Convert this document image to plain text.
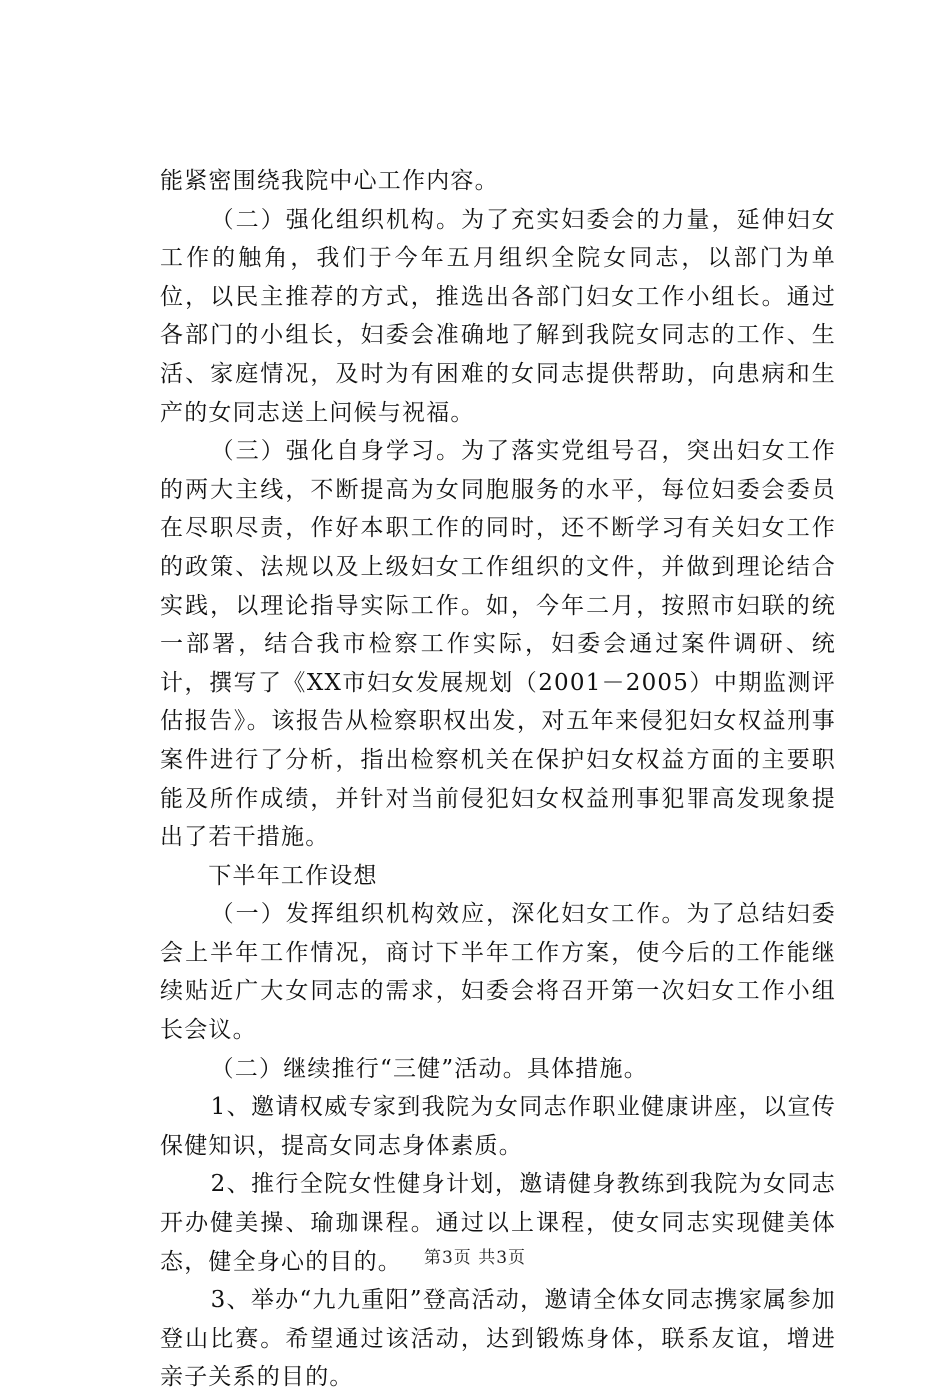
能紧密围绕我院中心工作内容。

（二）强化组织机构。为了充实妇委会的力量，延伸妇女工作的触角，我们于今年五月组织全院女同志，以部门为单位，以民主推荐的方式，推选出各部门妇女工作小组长。通过各部门的小组长，妇委会准确地了解到我院女同志的工作、生活、家庭情况，及时为有困难的女同志提供帮助，向患病和生产的女同志送上问候与祝福。

（三）强化自身学习。为了落实党组号召，突出妇女工作的两大主线，不断提高为女同胞服务的水平，每位妇委会委员在尽职尽责，作好本职工作的同时，还不断学习有关妇女工作的政策、法规以及上级妇女工作组织的文件，并做到理论结合实践，以理论指导实际工作。如，今年二月，按照市妇联的统一部署，结合我市检察工作实际，妇委会通过案件调研、统计，撰写了《XX市妇女发展规划（2001－2005）中期监测评估报告》。该报告从检察职权出发，对五年来侵犯妇女权益刑事案件进行了分析，指出检察机关在保护妇女权益方面的主要职能及所作成绩，并针对当前侵犯妇女权益刑事犯罪高发现象提出了若干措施。

下半年工作设想

（一）发挥组织机构效应，深化妇女工作。为了总结妇委会上半年工作情况，商讨下半年工作方案，使今后的工作能继续贴近广大女同志的需求，妇委会将召开第一次妇女工作小组长会议。

（二）继续推行“三健”活动。具体措施。

1、邀请权威专家到我院为女同志作职业健康讲座，以宣传保健知识，提高女同志身体素质。

2、推行全院女性健身计划，邀请健身教练到我院为女同志开办健美操、瑜珈课程。通过以上课程，使女同志实现健美体态，健全身心的目的。

3、举办“九九重阳”登高活动，邀请全体女同志携家属参加登山比赛。希望通过该活动，达到锻炼身体，联系友谊，增进亲子关系的目的。

第3页 共3页
